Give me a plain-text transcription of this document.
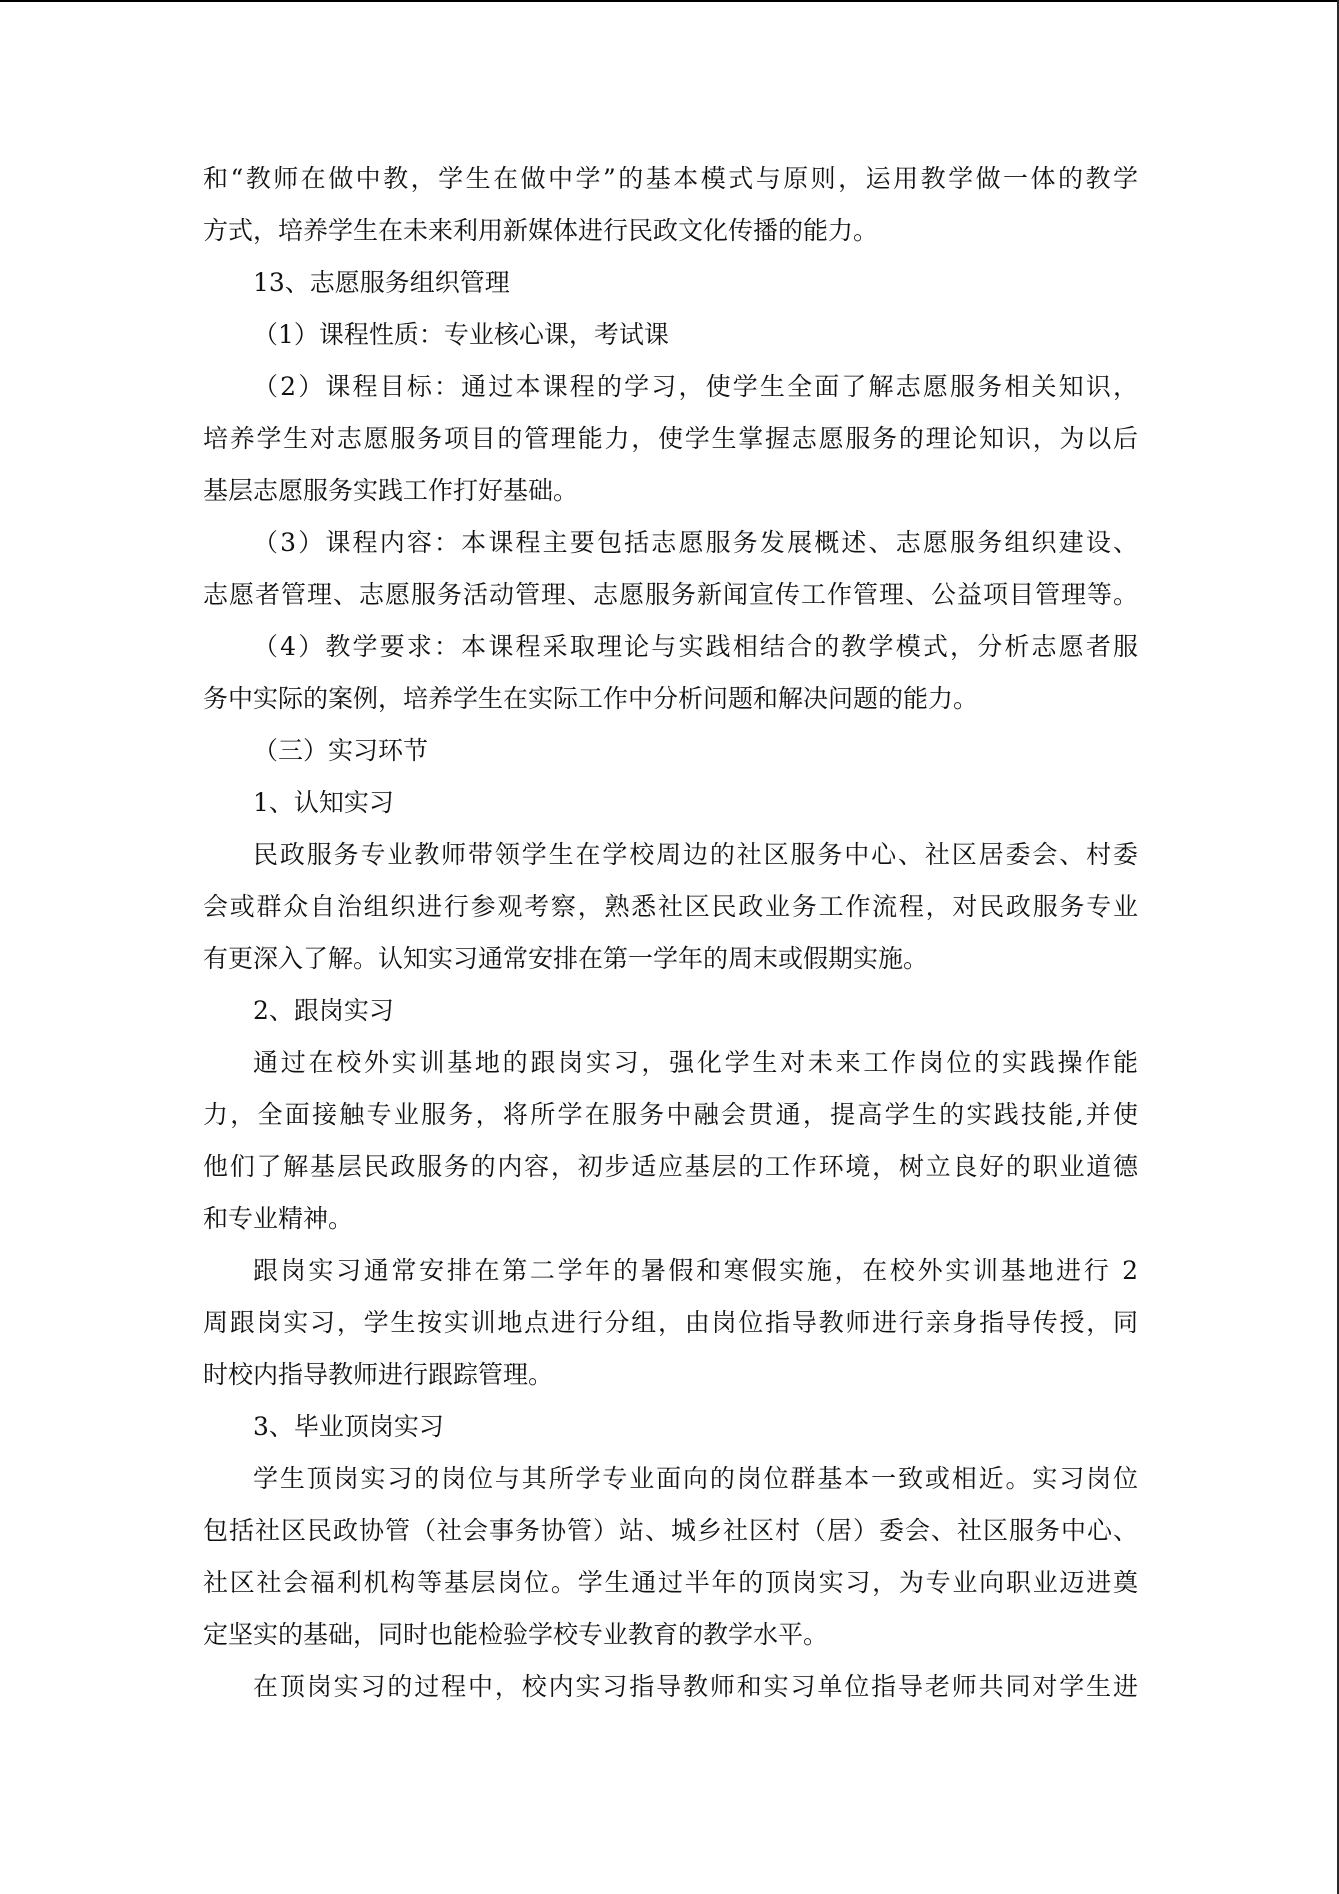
和“教师在做中教，学生在做中学”的基本模式与原则，运用教学做一体的教学

方式，培养学生在未来利用新媒体进行民政文化传播的能力。

13、志愿服务组织管理

（1）课程性质：专业核心课，考试课

（2）课程目标：通过本课程的学习，使学生全面了解志愿服务相关知识，

培养学生对志愿服务项目的管理能力，使学生掌握志愿服务的理论知识，为以后

基层志愿服务实践工作打好基础。

（3）课程内容：本课程主要包括志愿服务发展概述、志愿服务组织建设、

志愿者管理、志愿服务活动管理、志愿服务新闻宣传工作管理、公益项目管理等。

（4）教学要求：本课程采取理论与实践相结合的教学模式，分析志愿者服

务中实际的案例，培养学生在实际工作中分析问题和解决问题的能力。

（三）实习环节

1、认知实习

民政服务专业教师带领学生在学校周边的社区服务中心、社区居委会、村委

会或群众自治组织进行参观考察，熟悉社区民政业务工作流程，对民政服务专业

有更深入了解。认知实习通常安排在第一学年的周末或假期实施。

2、跟岗实习

通过在校外实训基地的跟岗实习，强化学生对未来工作岗位的实践操作能

力，全面接触专业服务，将所学在服务中融会贯通，提高学生的实践技能,并使

他们了解基层民政服务的内容，初步适应基层的工作环境，树立良好的职业道德

和专业精神。

跟岗实习通常安排在第二学年的暑假和寒假实施，在校外实训基地进行 2

周跟岗实习，学生按实训地点进行分组，由岗位指导教师进行亲身指导传授，同

时校内指导教师进行跟踪管理。

3、毕业顶岗实习

学生顶岗实习的岗位与其所学专业面向的岗位群基本一致或相近。实习岗位

包括社区民政协管（社会事务协管）站、城乡社区村（居）委会、社区服务中心、

社区社会福利机构等基层岗位。学生通过半年的顶岗实习，为专业向职业迈进奠

定坚实的基础，同时也能检验学校专业教育的教学水平。

在顶岗实习的过程中，校内实习指导教师和实习单位指导老师共同对学生进
